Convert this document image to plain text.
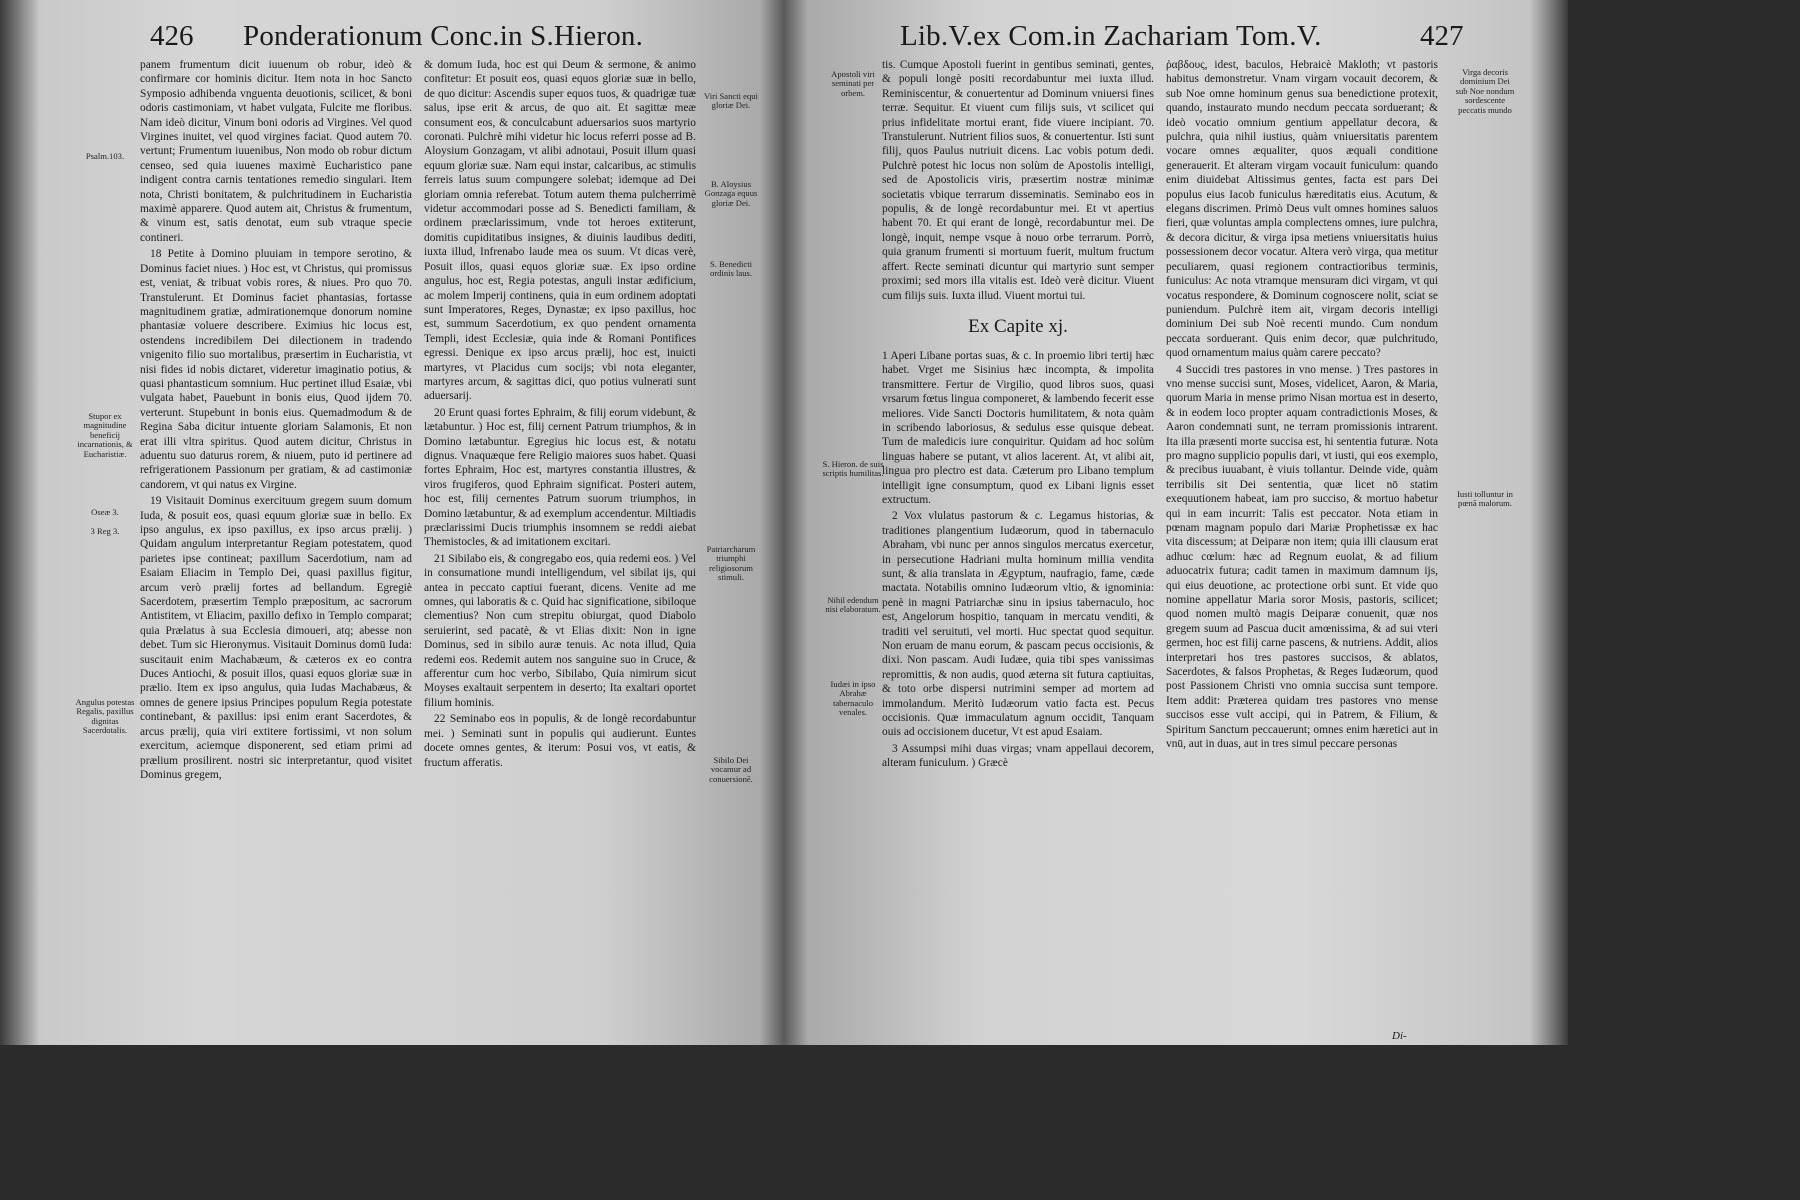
426 Ponderationum Conc.in S.Hieron.
Psalm.103.
Stupor ex magnitudine beneficij incarnationis, & Eucharistiæ.
Oseæ 3.
3 Reg 3.
Angulus potestas Regalis, paxillus dignitas Sacerdotalis.
Viri Sancti equi gloriæ Dei.
B. Aloysius Gonzaga equus gloriæ Dei.
S. Benedicti ordinis laus.
Patriarcharum triumphi religiosorum stimuli.
Sibilo Dei vocamur ad conuersionē.

panem frumentum dicit iuuenum ob robur, ideò & confirmare cor hominis dicitur. Item nota in hoc Sancto Symposio adhibenda vnguenta deuotionis, scilicet, & boni odoris castimoniam, vt habet vulgata, Fulcite me floribus. Nam ideò dicitur, Vinum boni odoris ad Virgines. Vel quod Virgines inuitet, vel quod virgines faciat. Quod autem 70. vertunt; Frumentum iuuenibus, Non modo ob robur dictum censeo, sed quia iuuenes maximè Eucharistico pane indigent contra carnis tentationes remedio singulari. Item nota, Christi bonitatem, & pulchritudinem in Eucharistia maximè apparere. Quod autem ait, Christus & frumentum, & vinum est, satis denotat, eum sub vtraque specie contineri.

18 Petite à Domino pluuiam in tempore serotino, & Dominus faciet niues. ) Hoc est, vt Christus, qui promissus est, veniat, & tribuat vobis rores, & niues. Pro quo 70. Transtulerunt. Et Dominus faciet phantasias, fortasse magnitudinem gratiæ, admirationemque donorum nomine phantasiæ voluere describere. Eximius hic locus est, ostendens incredibilem Dei dilectionem in tradendo vnigenito filio suo mortalibus, præsertim in Eucharistia, vt nisi fides id nobis dictaret, videretur imaginatio potius, & quasi phantasticum somnium. Huc pertinet illud Esaiæ, vbi vulgata habet, Pauebunt in bonis eius, Quod ijdem 70. verterunt. Stupebunt in bonis eius. Quemadmodum & de Regina Saba dicitur intuente gloriam Salamonis, Et non erat illi vltra spiritus. Quod autem dicitur, Christus in aduentu suo daturus rorem, & niuem, puto id pertinere ad refrigerationem Passionum per gratiam, & ad castimoniæ candorem, vt qui natus ex Virgine.

19 Visitauit Dominus exercituum gregem suum domum Iuda, & posuit eos, quasi equum gloriæ suæ in bello. Ex ipso angulus, ex ipso paxillus, ex ipso arcus prælij. ) Quidam angulum interpretantur Regiam potestatem, quod parietes ipse contineat; paxillum Sacerdotium, nam ad Esaiam Eliacim in Templo Dei, quasi paxillus figitur, arcum verò prælij fortes ad bellandum. Egregiè Sacerdotem, præsertim Templo præpositum, ac sacrorum Antistitem, vt Eliacim, paxillo defixo in Templo comparat; quia Prælatus à sua Ecclesia dimoueri, atq; abesse non debet. Tum sic Hieronymus. Visitauit Dominus domū Iuda: suscitauit enim Machabæum, & cæteros ex eo contra Duces Antiochi, & posuit illos, quasi equos gloriæ suæ in prælio. Item ex ipso angulus, quia Iudas Machabæus, & omnes de genere ipsius Principes populum Regia potestate continebant, & paxillus: ipsi enim erant Sacerdotes, & arcus prælij, quia viri extitere fortissimi, vt non solum exercitum, aciemque disponerent, sed etiam primi ad prælium prosilirent. nostri sic interpretantur, quod visitet Dominus gregem,

& domum Iuda, hoc est qui Deum & sermone, & animo confitetur: Et posuit eos, quasi equos gloriæ suæ in bello, de quo dicitur: Ascendis super equos tuos, & quadrigæ tuæ salus, ipse erit & arcus, de quo ait. Et sagittæ meæ consument eos, & conculcabunt aduersarios suos martyrio coronati. Pulchrè mihi videtur hic locus referri posse ad B. Aloysium Gonzagam, vt alibi adnotaui, Posuit illum quasi equum gloriæ suæ. Nam equi instar, calcaribus, ac stimulis ferreis latus suum compungere solebat; idemque ad Dei gloriam omnia referebat. Totum autem thema pulcherrimè videtur accommodari posse ad S. Benedicti familiam, & ordinem præclarissimum, vnde tot heroes extiterunt, domitis cupiditatibus insignes, & diuinis laudibus dediti, iuxta illud, Infrenabo laude mea os suum. Vt dicas verè, Posuit illos, quasi equos gloriæ suæ. Ex ipso ordine angulus, hoc est, Regia potestas, anguli instar ædificium, ac molem Imperij continens, quia in eum ordinem adoptati sunt Imperatores, Reges, Dynastæ; ex ipso paxillus, hoc est, summum Sacerdotium, ex quo pendent ornamenta Templi, idest Ecclesiæ, quia inde & Romani Pontifices egressi. Denique ex ipso arcus prælij, hoc est, inuicti martyres, vt Placidus cum socijs; vbi nota eleganter, martyres arcum, & sagittas dici, quo potius vulnerati sunt aduersarij.

20 Erunt quasi fortes Ephraim, & filij eorum videbunt, & lætabuntur. ) Hoc est, filij cernent Patrum triumphos, & in Domino lætabuntur. Egregius hic locus est, & notatu dignus. Vnaquæque fere Religio maiores suos habet. Quasi fortes Ephraim, Hoc est, martyres constantia illustres, & viros frugiferos, quod Ephraim significat. Posteri autem, hoc est, filij cernentes Patrum suorum triumphos, in Domino lætabuntur, & ad exemplum accendentur. Miltiadis præclarissimi Ducis triumphis insomnem se reddi aiebat Themistocles, & ad imitationem excitari.

21 Sibilabo eis, & congregabo eos, quia redemi eos. ) Vel in consumatione mundi intelligendum, vel sibilat ijs, qui antea in peccato captiui fuerant, dicens. Venite ad me omnes, qui laboratis & c. Quid hac significatione, sibiloque clementius? Non cum strepitu obiurgat, quod Diabolo seruierint, sed pacatè, & vt Elias dixit: Non in igne Dominus, sed in sibilo auræ tenuis. Ac nota illud, Quia redemi eos. Redemit autem nos sanguine suo in Cruce, & afferentur cum hoc verbo, Sibilabo, Quia nimirum sicut Moyses exaltauit serpentem in deserto; Ita exaltari oportet filium hominis.

22 Seminabo eos in populis, & de longè recordabuntur mei. ) Seminati sunt in populis qui audierunt. Euntes docete omnes gentes, & iterum: Posui vos, vt eatis, & fructum afferatis.

Lib.V.ex Com.in Zachariam Tom.V.	427
Apostoli viri seminati per orbem.
S. Hieron. de suis scriptis humilitas.
Nihil edendum nisi elaboratum.
Iudæi in ipso Abrahæ tabernaculo venales.
Virga decoris dominium Dei sub Noe nondum sordescente peccatis mundo
Iusti tolluntur in pœnā malorum.

tis. Cumque Apostoli fuerint in gentibus seminati, gentes, & populi longè positi recordabuntur mei iuxta illud. Reminiscentur, & conuertentur ad Dominum vniuersi fines terræ. Sequitur. Et viuent cum filijs suis, vt scilicet qui prius infidelitate mortui erant, fide viuere incipiant. 70. Transtulerunt. Nutrient filios suos, & conuertentur. Isti sunt filij, quos Paulus nutriuit dicens. Lac vobis potum dedi. Pulchrè potest hic locus non solùm de Apostolis intelligi, sed de Apostolicis viris, præsertim nostræ minimæ societatis vbique terrarum disseminatis. Seminabo eos in populis, & de longè recordabuntur mei. Et vt apertius habent 70. Et qui erant de longè, recordabuntur mei. De longè, inquit, nempe vsque à nouo orbe terrarum. Porrò, quia granum frumenti si mortuum fuerit, multum fructum affert. Recte seminati dicuntur qui martyrio sunt semper proximi; sed mors illa vitalis est. Ideò verè dicitur. Viuent cum filijs suis. Iuxta illud. Viuent mortui tui.

Ex Capite xj.

1 Aperi Libane portas suas, & c. In proemio libri tertij hæc habet. Vrget me Sisinius hæc incompta, & impolita transmittere. Fertur de Virgilio, quod libros suos, quasi vrsarum fœtus lingua componeret, & lambendo fecerit esse meliores. Vide Sancti Doctoris humilitatem, & nota quàm in scribendo laboriosus, & sedulus esse quisque debeat. Tum de maledicis iure conquiritur. Quidam ad hoc solùm linguas habere se putant, vt alios lacerent. At, vt alibi ait, lingua pro plectro est data. Cæterum pro Libano templum intelligit igne consumptum, quod ex Libani lignis esset extructum.

2 Vox vlulatus pastorum & c. Legamus historias, & traditiones plangentium Iudæorum, quod in tabernaculo Abraham, vbi nunc per annos singulos mercatus exercetur, in persecutione Hadriani multa hominum millia vendita sunt, & alia translata in Ægyptum, naufragio, fame, cæde mactata. Notabilis omnino Iudæorum vltio, & ignominia: penè in magni Patriarchæ sinu in ipsius tabernaculo, hoc est, Angelorum hospitio, tanquam in mercatu venditi, & traditi vel seruituti, vel morti. Huc spectat quod sequitur. Non eruam de manu eorum, & pascam pecus occisionis, & dixi. Non pascam. Audi Iudæe, quia tibi spes vanissimas repromittis, & non audis, quod æterna sit futura captiuitas, & toto orbe dispersi nutrimini semper ad mortem ad immolandum. Meritò Iudæorum vatio facta est. Pecus occisionis. Quæ immaculatum agnum occidit, Tanquam ouis ad occisionem ducetur, Vt est apud Esaiam.

3 Assumpsi mihi duas virgas; vnam appellaui decorem, alteram funiculum. ) Græcè

ῥαβδους, idest, baculos, Hebraicè Makloth; vt pastoris habitus demonstretur. Vnam virgam vocauit decorem, & sub Noe omne hominum genus sua benedictione protexit, quando, instaurato mundo necdum peccata sorduerant; & ideò vocatio omnium gentium appellatur decora, & pulchra, quia nihil iustius, quàm vniuersitatis parentem vocare omnes æqualiter, quos æquali conditione generauerit. Et alteram virgam vocauit funiculum: quando enim diuidebat Altissimus gentes, facta est pars Dei populus eius Iacob funiculus hæreditatis eius. Acutum, & elegans discrimen. Primò Deus vult omnes homines saluos fieri, quæ voluntas ampla complectens omnes, iure pulchra, & decora dicitur, & virga ipsa metiens vniuersitatis huius possessionem decor vocatur. Altera verò virga, qua metitur peculiarem, quasi regionem contractioribus terminis, funiculus: Ac nota vtramque mensuram dici virgam, vt qui vocatus respondere, & Dominum cognoscere nolit, sciat se puniendum. Pulchrè item ait, virgam decoris intelligi dominium Dei sub Noè recenti mundo. Cum nondum peccata sorduerant. Quis enim decor, quæ pulchritudo, quod ornamentum maius quàm carere peccato?

4 Succidi tres pastores in vno mense. ) Tres pastores in vno mense succisi sunt, Moses, videlicet, Aaron, & Maria, quorum Maria in mense primo Nisan mortua est in deserto, & in eodem loco propter aquam contradictionis Moses, & Aaron condemnati sunt, ne terram promissionis intrarent. Ita illa præsenti morte succisa est, hi sententia futuræ. Nota pro magno supplicio populis dari, vt iusti, qui eos exemplo, & precibus iuuabant, è viuis tollantur. Deinde vide, quàm terribilis sit Dei sententia, quæ licet nō statim exequutionem habeat, iam pro succiso, & mortuo habetur qui in eam incurrit: Talis est peccator. Nota etiam in pœnam magnam populo dari Mariæ Prophetissæ ex hac vita discessum; at Deiparæ non item; quia illi clausum erat adhuc cœlum: hæc ad Regnum euolat, & ad filium aduocatrix futura; cadit tamen in maximum damnum ijs, qui eius deuotione, ac protectione orbi sunt. Et vide quo nomine appellatur Maria soror Mosis, pastoris, scilicet; quod nomen multò magis Deiparæ conuenit, quæ nos gregem suum ad Pascua ducit amœnissima, & ad sui vteri germen, hoc est filij carne pascens, & nutriens. Addit, alios interpretari hos tres pastores succisos, & ablatos, Sacerdotes, & falsos Prophetas, & Reges Iudæorum, quod post Passionem Christi vno omnia succisa sunt tempore. Item addit: Præterea quidam tres pastores vno mense succisos esse vult accipi, qui in Patrem, & Filium, & Spiritum Sanctum peccauerunt; omnes enim hæretici aut in vnū, aut in duas, aut in tres simul peccare personas

Di-
